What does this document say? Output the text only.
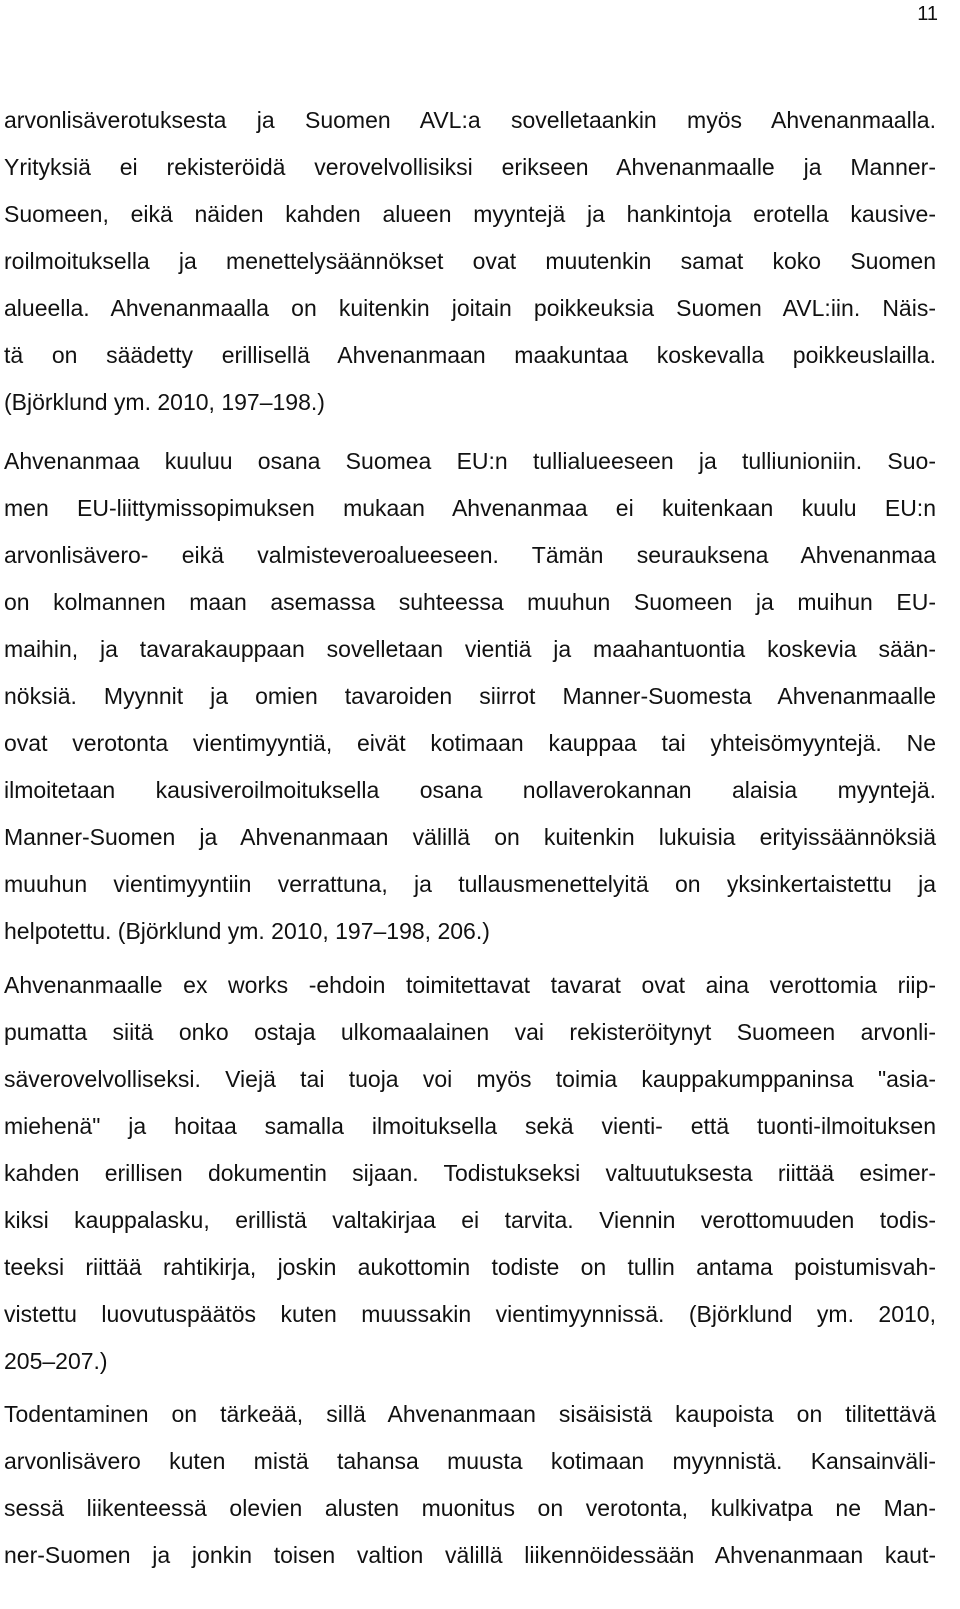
11
arvonlisäverotuksesta ja Suomen AVL:a sovelletaankin myös Ahvenanmaalla.
Yrityksiä ei rekisteröidä verovelvollisiksi erikseen Ahvenanmaalle ja Manner-
Suomeen, eikä näiden kahden alueen myyntejä ja hankintoja erotella kausive-
roilmoituksella ja menettelysäännökset ovat muutenkin samat koko Suomen
alueella. Ahvenanmaalla on kuitenkin joitain poikkeuksia Suomen AVL:iin. Näis-
tä on säädetty erillisellä Ahvenanmaan maakuntaa koskevalla poikkeuslailla.
(Björklund ym. 2010, 197–198.)
Ahvenanmaa kuuluu osana Suomea EU:n tullialueeseen ja tulliunioniin. Suo-
men EU-liittymissopimuksen mukaan Ahvenanmaa ei kuitenkaan kuulu EU:n
arvonlisävero- eikä valmisteveroalueeseen. Tämän seurauksena Ahvenanmaa
on kolmannen maan asemassa suhteessa muuhun Suomeen ja muihun EU-
maihin, ja tavarakauppaan sovelletaan vientiä ja maahantuontia koskevia sään-
nöksiä. Myynnit ja omien tavaroiden siirrot Manner-Suomesta Ahvenanmaalle
ovat verotonta vientimyyntiä, eivät kotimaan kauppaa tai yhteisömyyntejä. Ne
ilmoitetaan kausiveroilmoituksella osana nollaverokannan alaisia myyntejä.
Manner-Suomen ja Ahvenanmaan välillä on kuitenkin lukuisia erityissäännöksiä
muuhun vientimyyntiin verrattuna, ja tullausmenettelyitä on yksinkertaistettu ja
helpotettu. (Björklund ym. 2010, 197–198, 206.)
Ahvenanmaalle ex works -ehdoin toimitettavat tavarat ovat aina verottomia riip-
pumatta siitä onko ostaja ulkomaalainen vai rekisteröitynyt Suomeen arvonli-
säverovelvolliseksi. Viejä tai tuoja voi myös toimia kauppakumppaninsa "asia-
miehenä" ja hoitaa samalla ilmoituksella sekä vienti- että tuonti-ilmoituksen
kahden erillisen dokumentin sijaan. Todistukseksi valtuutuksesta riittää esimer-
kiksi kauppalasku, erillistä valtakirjaa ei tarvita. Viennin verottomuuden todis-
teeksi riittää rahtikirja, joskin aukottomin todiste on tullin antama poistumisvah-
vistettu luovutuspäätös kuten muussakin vientimyynnissä. (Björklund ym. 2010,
205–207.)
Todentaminen on tärkeää, sillä Ahvenanmaan sisäisistä kaupoista on tilitettävä
arvonlisävero kuten mistä tahansa muusta kotimaan myynnistä. Kansainväli-
sessä liikenteessä olevien alusten muonitus on verotonta, kulkivatpa ne Man-
ner-Suomen ja jonkin toisen valtion välillä liikennöidessään Ahvenanmaan kaut-
